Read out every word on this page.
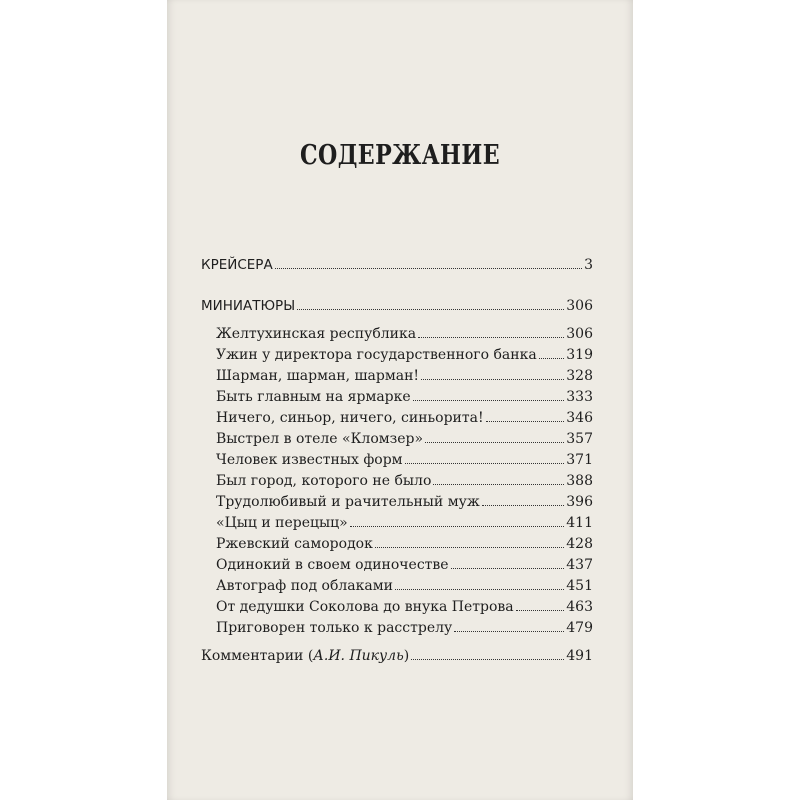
СОДЕРЖАНИЕ
КРЕЙСЕРА	3
МИНИАТЮРЫ	306
Желтухинская республика	306
Ужин у директора государственного банка 319
Шарман, шарман, шарман!	328
Быть главным на ярмарке	333
Ничего, синьор, ничего, синьорита!	346
Выстрел в отеле «Кломзер»	357
Человек известных форм	371
Был город, которого не было	388
Трудолюбивый и рачительный муж	396
«Цыц и перецыц»	411
Ржевский самородок	428
Одинокий в своем одиночестве	437
Автограф под облаками	451
От дедушки Соколова до внука Петрова	463
Приговорен только к расстрелу	479
Комментарии (А.И. Пикуль)	491
